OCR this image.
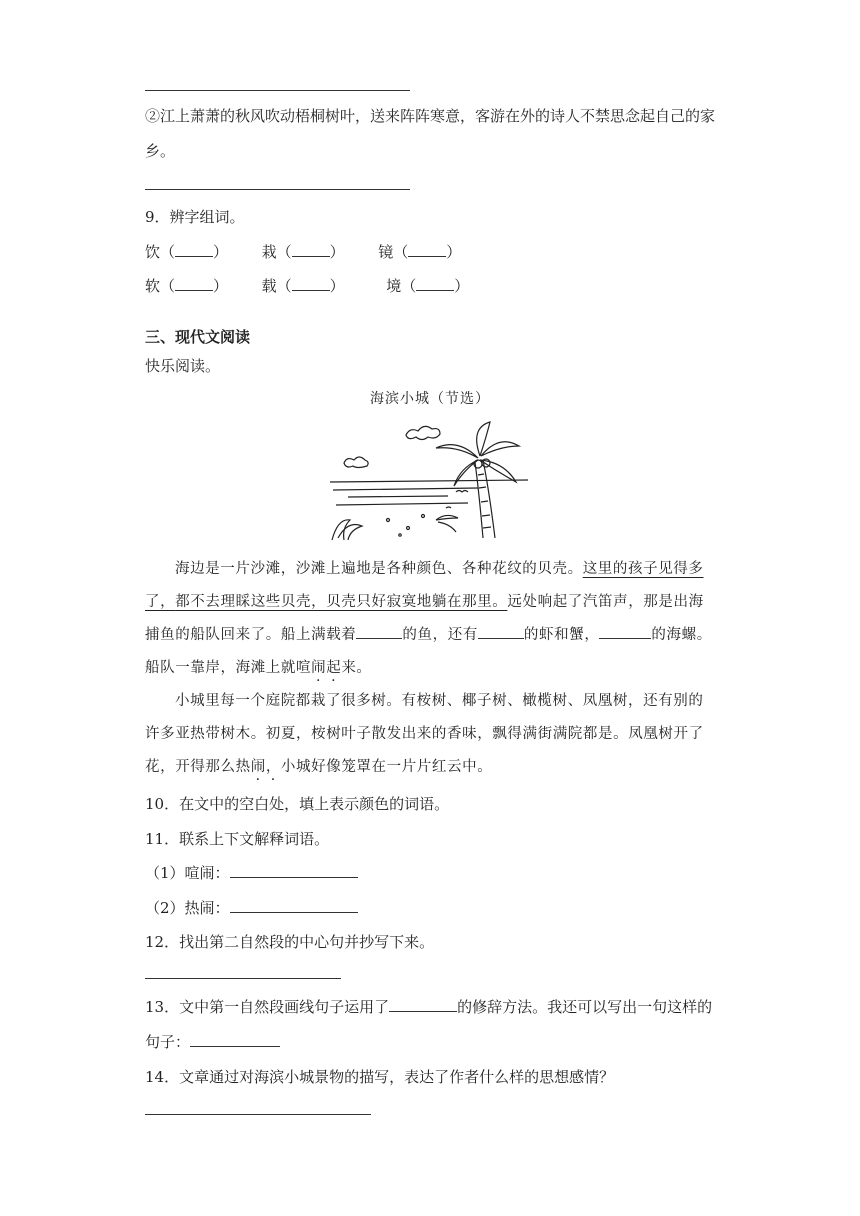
②江上萧萧的秋风吹动梧桐树叶，送来阵阵寒意，客游在外的诗人不禁思念起自己的家
乡。
9．辨字组词。
饮（	） 栽（	） 镜（	）
软（	） 载（	）	境（	）
三、现代文阅读
快乐阅读。
海滨小城（节选）
海边是一片沙滩，沙滩上遍地是各种颜色、各种花纹的贝壳。这里的孩子见得多了，都不去理睬这些贝壳，贝壳只好寂寞地躺在那里。远处响起了汽笛声，那是出海捕鱼的船队回来了。船上满载着	的鱼，还有	的虾和蟹，	的海螺。船队一靠岸，海滩上就喧闹起来。
小城里每一个庭院都栽了很多树。有桉树、椰子树、橄榄树、凤凰树，还有别的许多亚热带树木。初夏，桉树叶子散发出来的香味，飘得满街满院都是。凤凰树开了花，开得那么热闹，小城好像笼罩在一片片红云中。
10．在文中的空白处，填上表示颜色的词语。
11．联系上下文解释词语。
（1）喧闹：
（2）热闹：
12．找出第二自然段的中心句并抄写下来。
13．文中第一自然段画线句子运用了	的修辞方法。我还可以写出一句这样的
句子：
14．文章通过对海滨小城景物的描写，表达了作者什么样的思想感情？
